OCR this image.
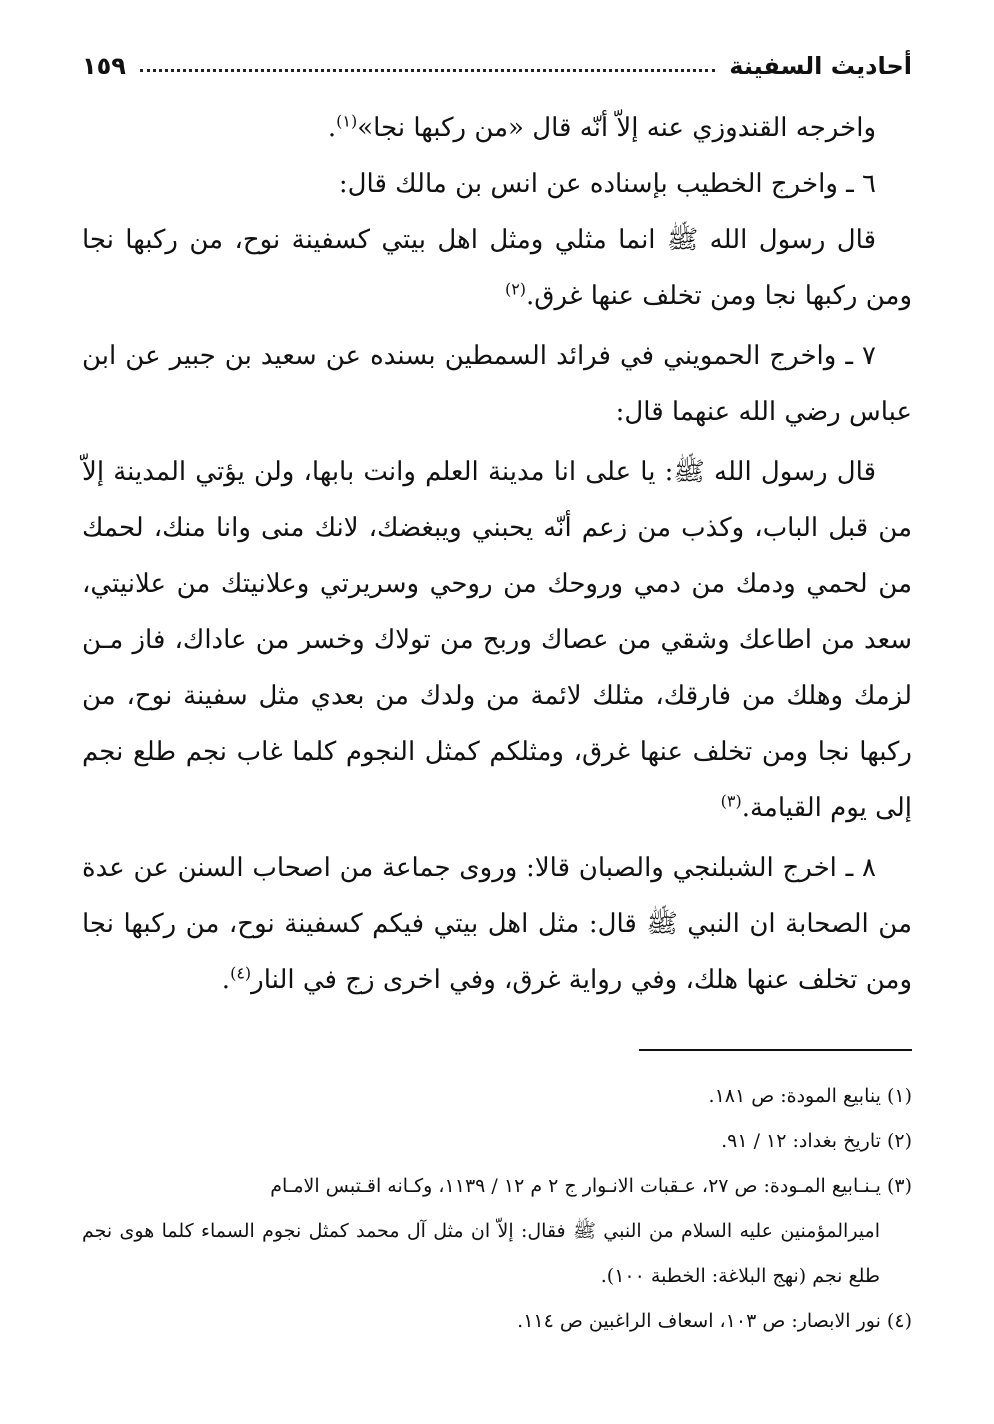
أحاديث السفينة
١٥٩

واخرجه القندوزي عنه إلاّ أنّه قال «من ركبها نجا»$^{(١)}$.

٦ ـ واخرج الخطيب بإسناده عن انس بن مالك قال:

قال رسول الله ﷺ انما مثلي ومثل اهل بيتي كسفينة نوح، من ركبها نجا ومن ركبها نجا ومن تخلف عنها غرق.$^{(٢)}$

٧ ـ واخرج الحمويني في فرائد السمطين بسنده عن سعيد بن جبير عن ابن عباس رضي الله عنهما قال:

قال رسول الله ﷺ: يا على انا مدينة العلم وانت بابها، ولن يؤتي المدينة إلاّ من قبل الباب، وكذب من زعم أنّه يحبني ويبغضك، لانك منى وانا منك، لحمك من لحمي ودمك من دمي وروحك من روحي وسريرتي وعلانيتك من علانيتي، سعد من اطاعك وشقي من عصاك وربح من تولاك وخسر من عاداك، فاز مـن لزمك وهلك من فارقك، مثلك لائمة من ولدك من بعدي مثل سفينة نوح، من ركبها نجا ومن تخلف عنها غرق، ومثلكم كمثل النجوم كلما غاب نجم طلع نجم إلى يوم القيامة.$^{(٣)}$

٨ ـ اخرج الشبلنجي والصبان قالا: وروى جماعة من اصحاب السنن عن عدة من الصحابة ان النبي ﷺ قال: مثل اهل بيتي فيكم كسفينة نوح، من ركبها نجا ومن تخلف عنها هلك، وفي رواية غرق، وفي اخرى زج في النار$^{(٤)}$.

(١) ينابيع المودة: ص ١٨١.

(٢) تاريخ بغداد: ١٢ / ٩١.

(٣) يـنـابيع المـودة: ص ٢٧، عـقبات الانـوار ج ٢ م ١٢ / ١١٣٩، وكـانه اقـتبس الامـام

اميرالمؤمنين عليه السلام من النبي ﷺ فقال: إلاّ ان مثل آل محمد كمثل نجوم السماء كلما هوى نجم طلع نجم (نهج البلاغة: الخطبة ١٠٠).

(٤) نور الابصار: ص ١٠٣، اسعاف الراغبين ص ١١٤.
